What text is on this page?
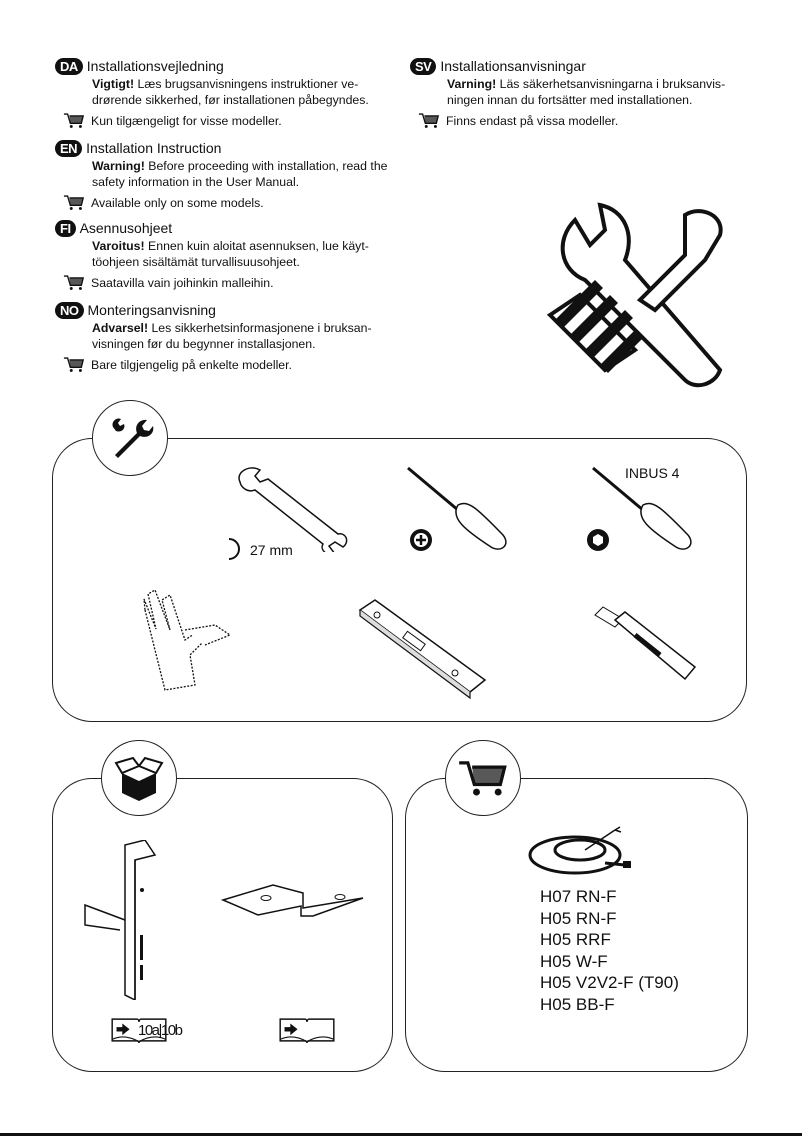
DA Installationsvejledning
Vigtigt! Læs brugsanvisningens instruktioner ve-drørende sikkerhed, før installationen påbegyndes.
Kun tilgængeligt for visse modeller.
EN Installation Instruction
Warning! Before proceeding with installation, read the safety information in the User Manual.
Available only on some models.
FI Asennusohjeet
Varoitus! Ennen kuin aloitat asennuksen, lue käyt-töohjeen sisältämät turvallisuusohjeet.
Saatavilla vain joihinkin malleihin.
NO Monteringsanvisning
Advarsel! Les sikkerhetsinformasjonene i bruksan-visningen før du begynner installasjonen.
Bare tilgjengelig på enkelte modeller.
SV Installationsanvisningar
Varning! Läs säkerhetsanvisningarna i bruksanvis-ningen innan du fortsätter med installationen.
Finns endast på vissa modeller.
27 mm
INBUS 4
10a|10b
H07 RN-F
H05 RN-F
H05 RRF
H05 W-F
H05 V2V2-F (T90)
H05 BB-F
